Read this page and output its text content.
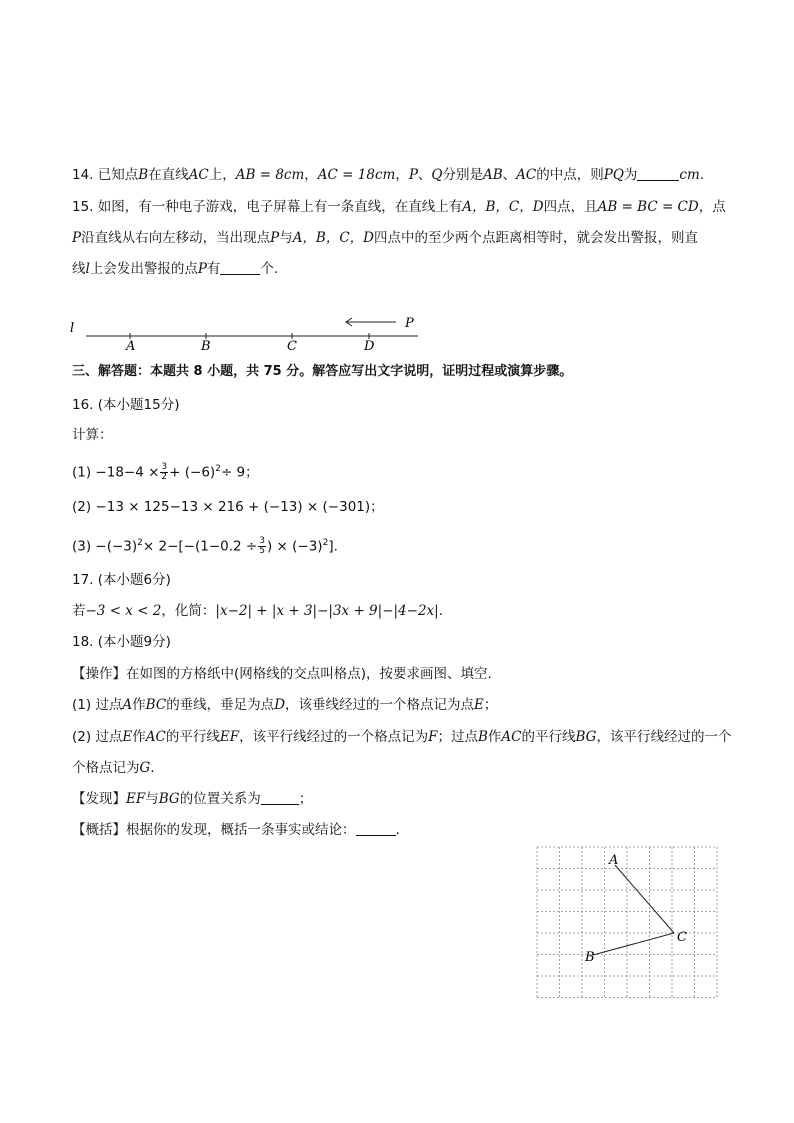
14. 已知点B在直线AC上，AB = 8cm，AC = 18cm，P、Q分别是AB、AC的中点，则PQ为	cm.
15. 如图，有一种电子游戏，电子屏幕上有一条直线，在直线上有A，B，C，D四点，且AB = BC = CD，点
P沿直线从右向左移动，当出现点P与A，B，C，D四点中的至少两个点距离相等时，就会发出警报，则直
线l上会发出警报的点P有	个.
l
A	B	C	D
P
三、解答题：本题共 8 小题，共 75 分。解答应写出文字说明，证明过程或演算步骤。
16. (本小题15分)
计算：
$(1) -18-4 \times \frac{3}{2} + (-6)^2\div 9$；
(2) −13 × 125−13 × 216 + (−13) × (−301)；
$(3) -(-3)^2\times 2-[-(1-0.2 \div \frac{3}{5}$ ) × $(-3)^2$].
17. (本小题6分)
若−3 < x < 2，化简：|x−2| + |x + 3|−|3x + 9|−|4−2x|.
18. (本小题9分)
【操作】在如图的方格纸中(网格线的交点叫格点)，按要求画图、填空.
(1) 过点A作BC的垂线，垂足为点D，该垂线经过的一个格点记为点E；
(2) 过点E作AC的平行线EF，该平行线经过的一个格点记为F；过点B作AC的平行线BG，该平行线经过的一个
个格点记为G.
【发现】EF与BG的位置关系为	；
【概括】根据你的发现，概括一条事实或结论：	.
A
B
C
